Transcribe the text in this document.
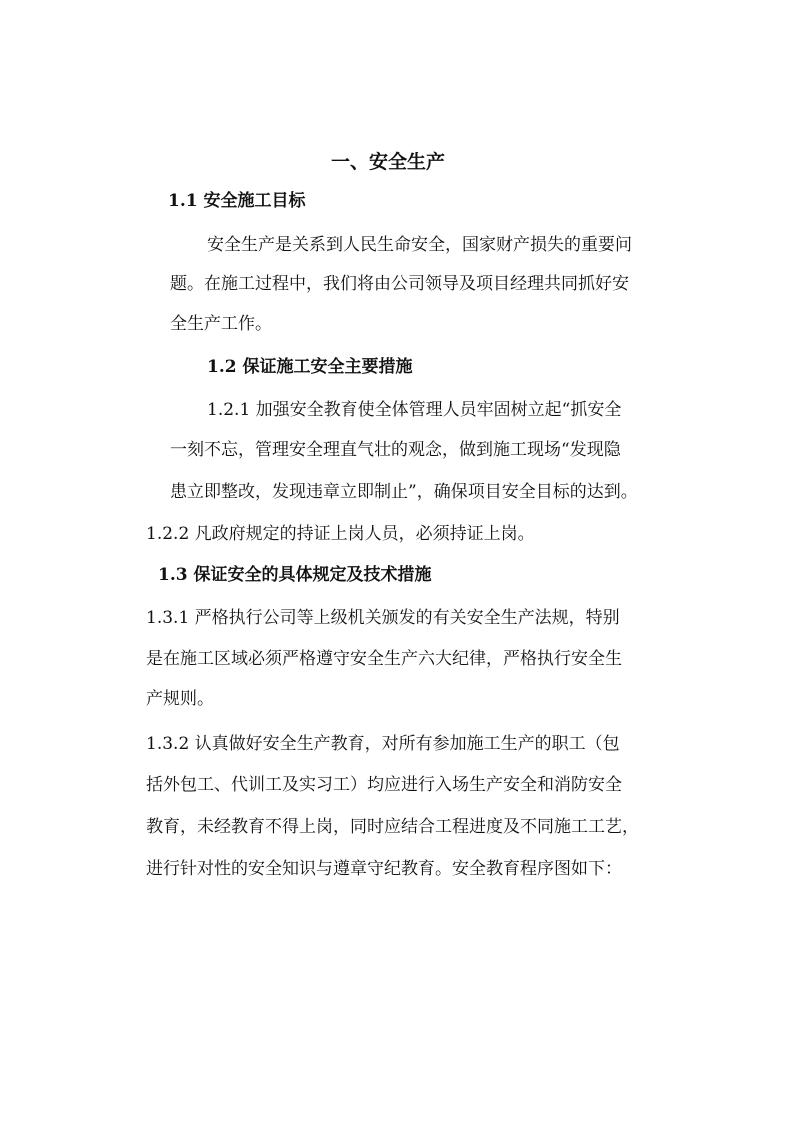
一、安全生产
1.1 安全施工目标
安全生产是关系到人民生命安全，国家财产损失的重要问
题。在施工过程中，我们将由公司领导及项目经理共同抓好安
全生产工作。
1.2 保证施工安全主要措施
1.2.1 加强安全教育使全体管理人员牢固树立起“抓安全
一刻不忘，管理安全理直气壮的观念，做到施工现场“发现隐
患立即整改，发现违章立即制止”，确保项目安全目标的达到。
1.2.2 凡政府规定的持证上岗人员，必须持证上岗。
1.3 保证安全的具体规定及技术措施
1.3.1 严格执行公司等上级机关颁发的有关安全生产法规，特别
是在施工区域必须严格遵守安全生产六大纪律，严格执行安全生
产规则。
1.3.2 认真做好安全生产教育，对所有参加施工生产的职工（包
括外包工、代训工及实习工）均应进行入场生产安全和消防安全
教育，未经教育不得上岗，同时应结合工程进度及不同施工工艺，
进行针对性的安全知识与遵章守纪教育。安全教育程序图如下：
